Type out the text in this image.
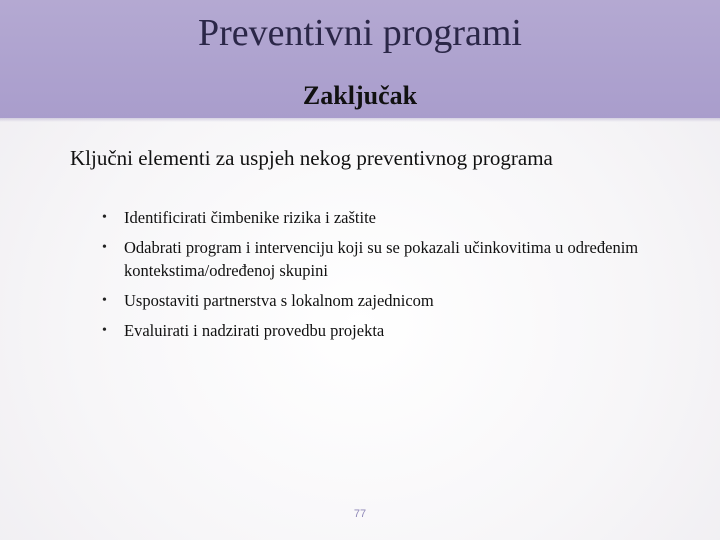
Preventivni programi
Zaključak
Ključni elementi za uspjeh nekog preventivnog programa
• Identificirati čimbenike rizika i zaštite
• Odabrati program i intervenciju koji su se pokazali učinkovitima u određenim kontekstima/određenoj skupini
• Uspostaviti partnerstva s lokalnom zajednicom
• Evaluirati i nadzirati provedbu projekta
77
